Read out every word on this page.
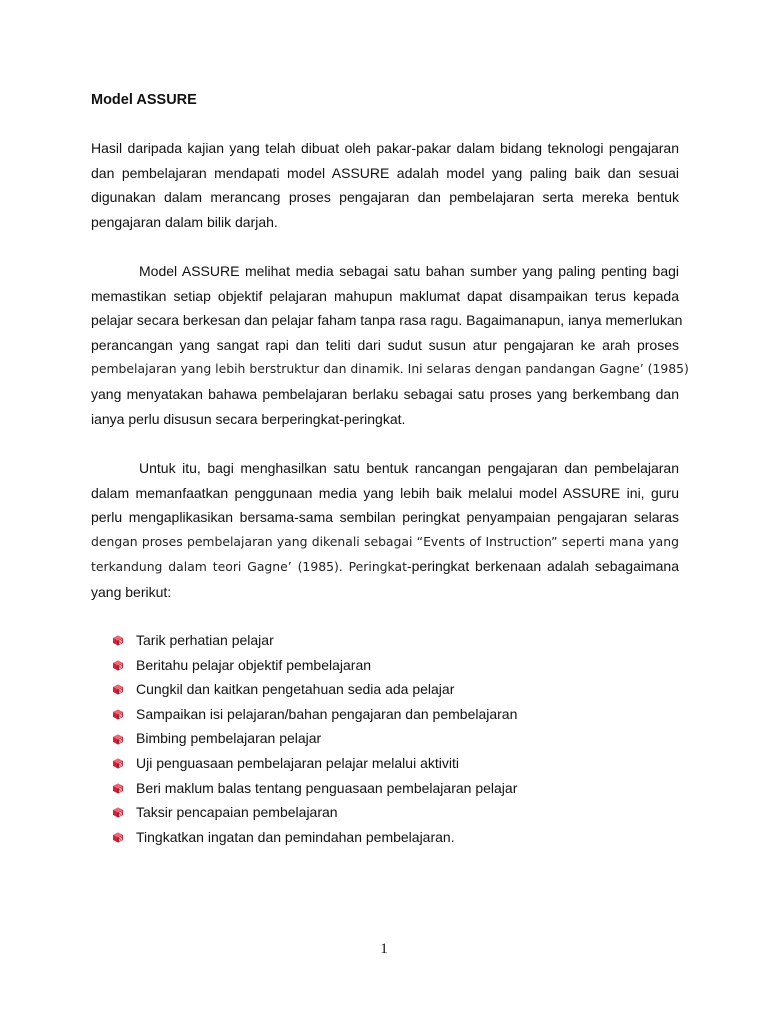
Model ASSURE

Hasil daripada kajian yang telah dibuat oleh pakar-pakar dalam bidang teknologi pengajaran
dan pembelajaran mendapati model ASSURE adalah model yang paling baik dan sesuai
digunakan dalam merancang proses pengajaran dan pembelajaran serta mereka bentuk
pengajaran dalam bilik darjah.

Model ASSURE melihat media sebagai satu bahan sumber yang paling penting bagi
memastikan setiap objektif pelajaran mahupun maklumat dapat disampaikan terus kepada
pelajar secara berkesan dan pelajar faham tanpa rasa ragu. Bagaimanapun, ianya memerlukan
perancangan yang sangat rapi dan teliti dari sudut susun atur pengajaran ke arah proses
pembelajaran yang lebih berstruktur dan dinamik. Ini selaras dengan pandangan Gagne’ (1985)
yang menyatakan bahawa pembelajaran berlaku sebagai satu proses yang berkembang dan
ianya perlu disusun secara berperingkat-peringkat.

Untuk itu, bagi menghasilkan satu bentuk rancangan pengajaran dan pembelajaran
dalam memanfaatkan penggunaan media yang lebih baik melalui model ASSURE ini, guru
perlu mengaplikasikan bersama-sama sembilan peringkat penyampaian pengajaran selaras
dengan proses pembelajaran yang dikenali sebagai “Events of Instruction” seperti mana yang
terkandung dalam teori Gagne’ (1985). Peringkat-peringkat berkenaan adalah sebagaimana
yang berikut:

Tarik perhatian pelajar
Beritahu pelajar objektif pembelajaran
Cungkil dan kaitkan pengetahuan sedia ada pelajar
Sampaikan isi pelajaran/bahan pengajaran dan pembelajaran
Bimbing pembelajaran pelajar
Uji penguasaan pembelajaran pelajar melalui aktiviti
Beri maklum balas tentang penguasaan pembelajaran pelajar
Taksir pencapaian pembelajaran
Tingkatkan ingatan dan pemindahan pembelajaran.

1
